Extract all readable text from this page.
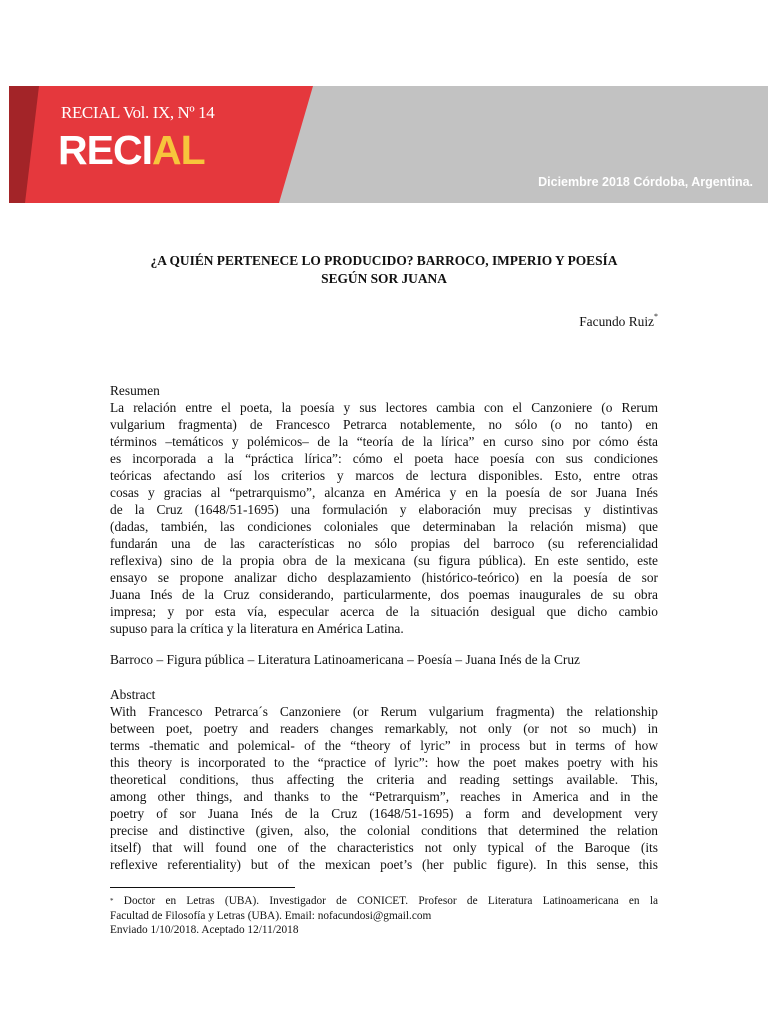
RECIAL Vol. IX, Nº 14
RECIAL
Diciembre 2018 Córdoba, Argentina.
¿A QUIÉN PERTENECE LO PRODUCIDO? BARROCO, IMPERIO Y POESÍA
SEGÚN SOR JUANA
Facundo Ruiz*
Resumen

La relación entre el poeta, la poesía y sus lectores cambia con el Canzoniere (o Rerum
vulgarium fragmenta) de Francesco Petrarca notablemente, no sólo (o no tanto) en
términos –temáticos y polémicos– de la “teoría de la lírica” en curso sino por cómo ésta
es incorporada a la “práctica lírica”: cómo el poeta hace poesía con sus condiciones
teóricas afectando así los criterios y marcos de lectura disponibles. Esto, entre otras
cosas y gracias al “petrarquismo”, alcanza en América y en la poesía de sor Juana Inés
de la Cruz (1648/51-1695) una formulación y elaboración muy precisas y distintivas
(dadas, también, las condiciones coloniales que determinaban la relación misma) que
fundarán una de las características no sólo propias del barroco (su referencialidad
reflexiva) sino de la propia obra de la mexicana (su figura pública). En este sentido, este
ensayo se propone analizar dicho desplazamiento (histórico-teórico) en la poesía de sor
Juana Inés de la Cruz considerando, particularmente, dos poemas inaugurales de su obra
impresa; y por esta vía, especular acerca de la situación desigual que dicho cambio
supuso para la crítica y la literatura en América Latina.

Barroco – Figura pública – Literatura Latinoamericana – Poesía – Juana Inés de la Cruz
Abstract

With Francesco Petrarca´s Canzoniere (or Rerum vulgarium fragmenta) the relationship
between poet, poetry and readers changes remarkably, not only (or not so much) in
terms -thematic and polemical- of the “theory of lyric” in process but in terms of how
this theory is incorporated to the “practice of lyric”: how the poet makes poetry with his
theoretical conditions, thus affecting the criteria and reading settings available. This,
among other things, and thanks to the “Petrarquism”, reaches in America and in the
poetry of sor Juana Inés de la Cruz (1648/51-1695) a form and development very
precise and distinctive (given, also, the colonial conditions that determined the relation
itself) that will found one of the characteristics not only typical of the Baroque (its
reflexive referentiality) but of the mexican poet’s (her public figure). In this sense, this

* Doctor en Letras (UBA). Investigador de CONICET. Profesor de Literatura Latinoamericana en la
Facultad de Filosofía y Letras (UBA). Email: nofacundosi@gmail.com
Enviado 1/10/2018. Aceptado 12/11/2018
